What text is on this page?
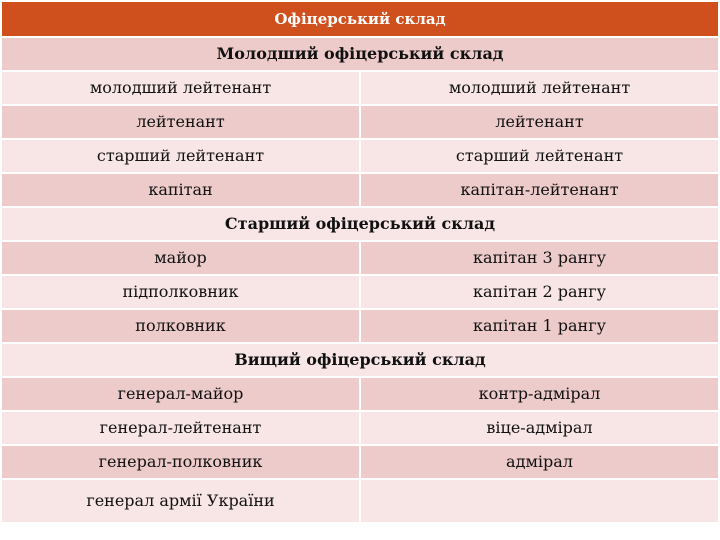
Офіцерський склад	
Молодший офіцерський склад	
молодший лейтенант	молодший лейтенант
лейтенант	лейтенант
старший лейтенант	старший лейтенант
капітан	капітан-лейтенант
Старший офіцерський склад	
майор	капітан 3 рангу
підполковник	капітан 2 рангу
полковник	капітан 1 рангу
Вищий офіцерський склад	
генерал-майор	контр-адмірал
генерал-лейтенант	віце-адмірал
генерал-полковник	адмірал
генерал армії України	
